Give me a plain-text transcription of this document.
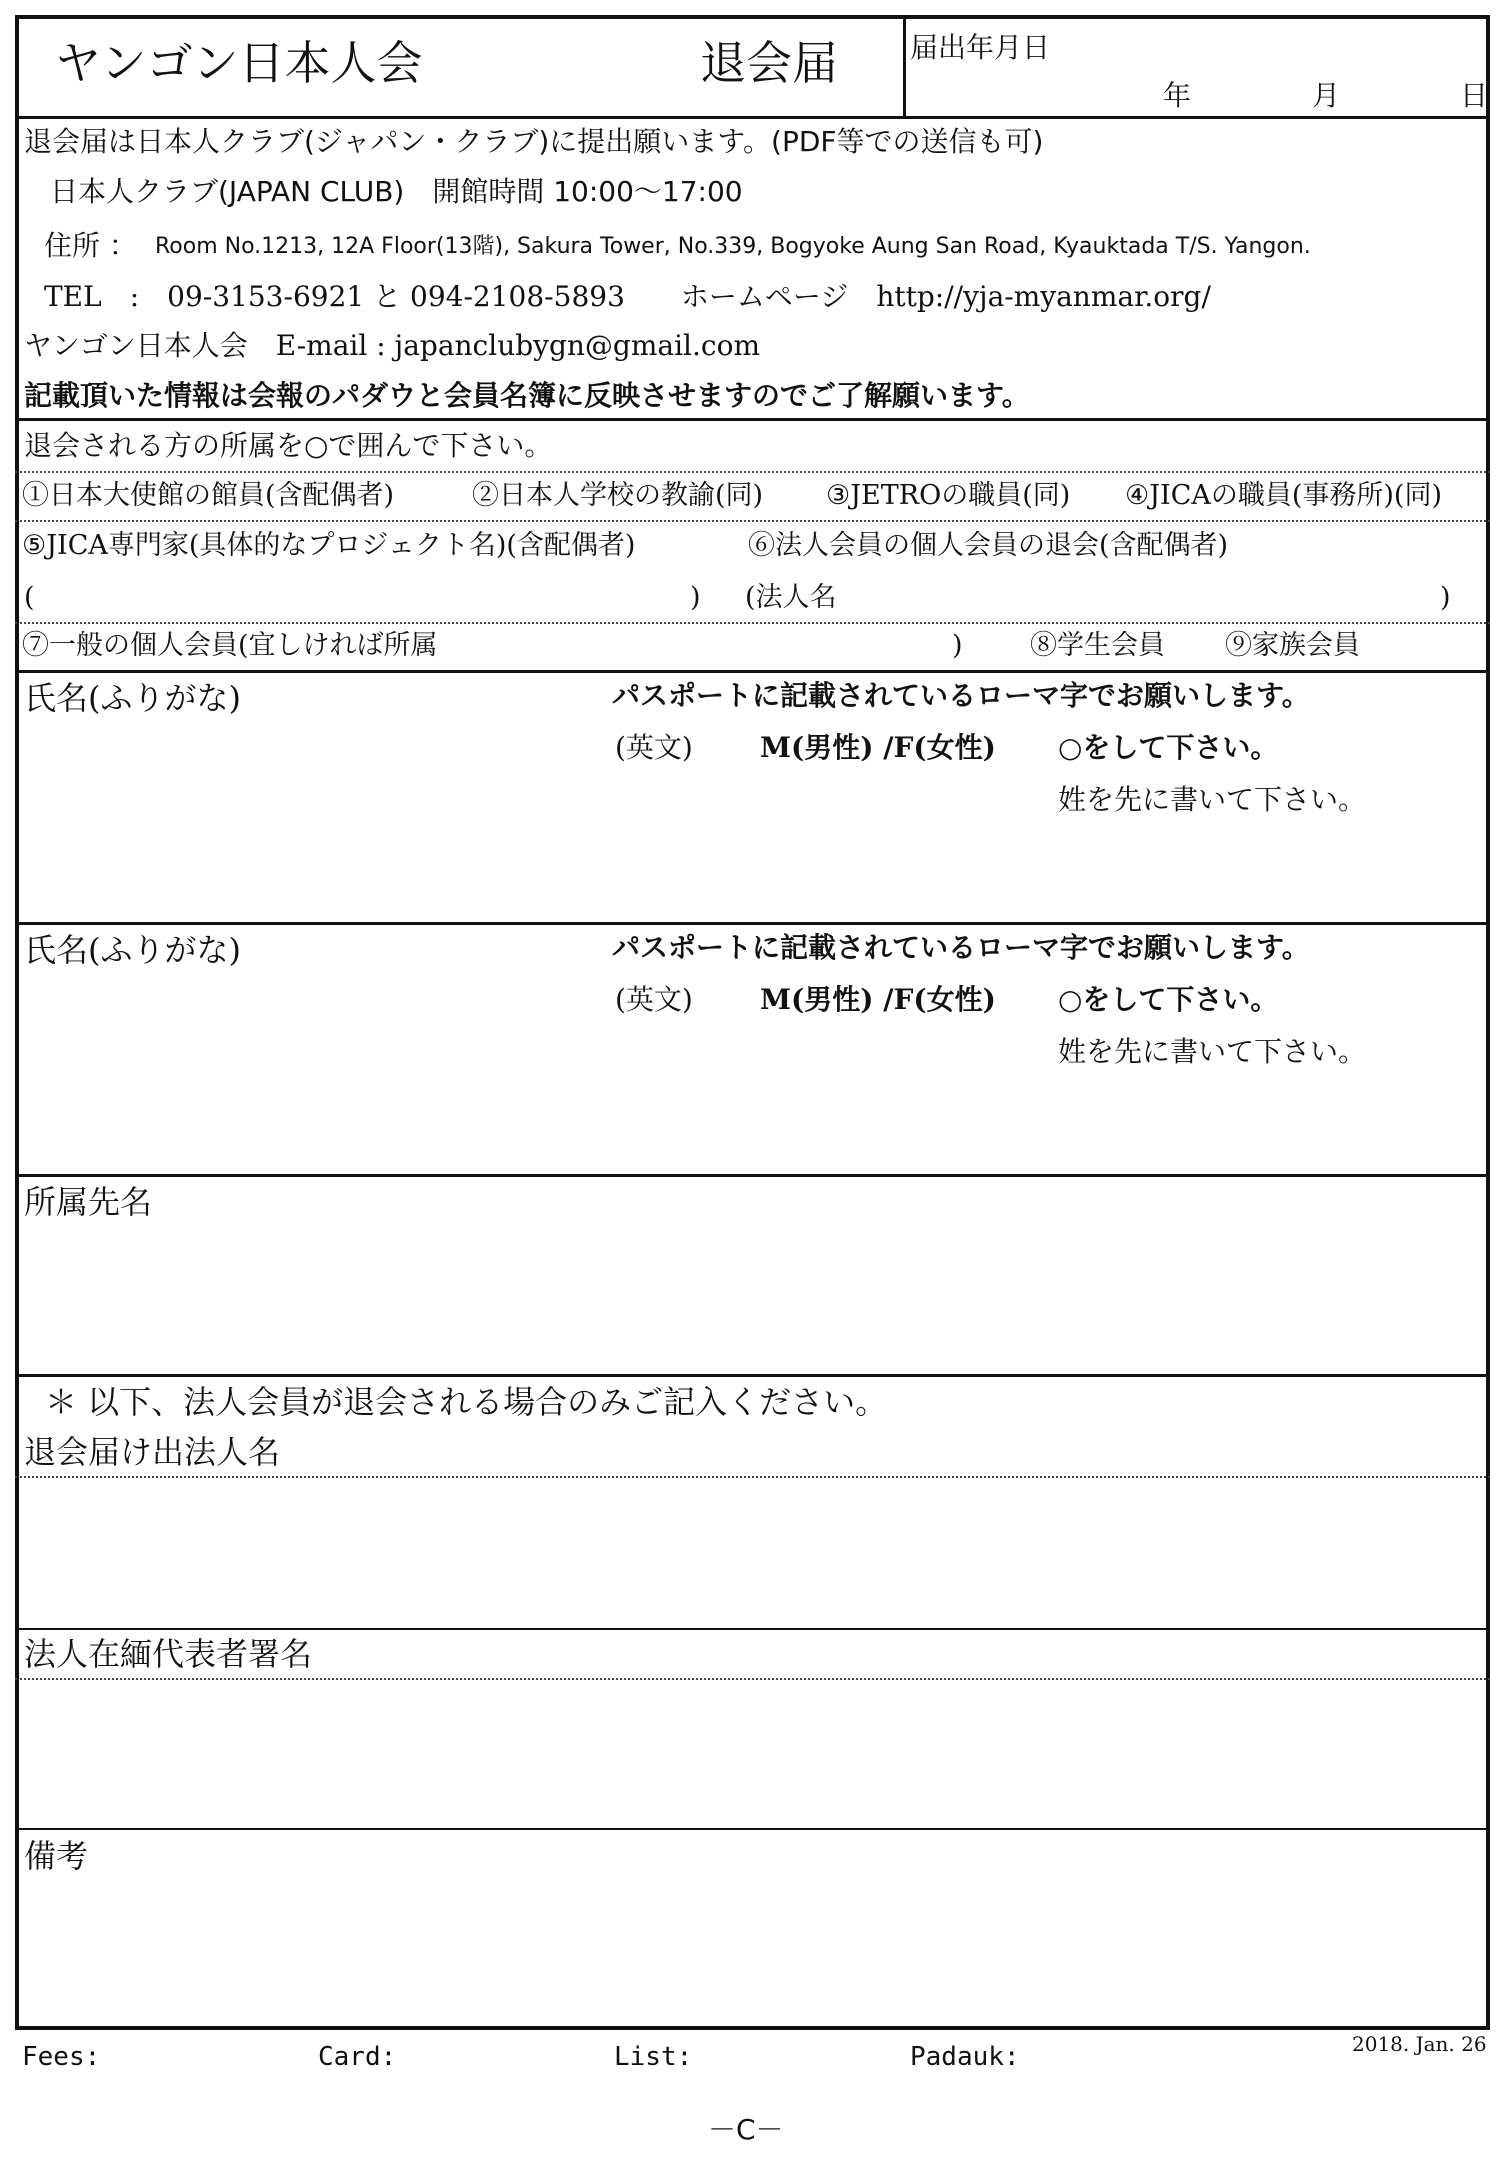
ヤンゴン日本人会	退会届	届出年月日
年	月	日
退会届は日本人クラブ(ジャパン・クラブ)に提出願います。(PDF等での送信も可)
日本人クラブ(JAPAN CLUB)　開館時間 10:00～17:00
住所 ： Room No.1213, 12A Floor(13階), Sakura Tower, No.339, Bogyoke Aung San Road, Kyauktada T/S. Yangon.
TEL　:　09-3153-6921 と 094-2108-5893　　ホームページ　http://yja-myanmar.org/
ヤンゴン日本人会　E-mail : japanclubygn@gmail.com
記載頂いた情報は会報のパダウと会員名簿に反映させますのでご了解願います。
退会される方の所属を○で囲んで下さい。
①日本大使館の館員(含配偶者)	②日本人学校の教諭(同) ③JETROの職員(同) ④JICAの職員(事務所)(同)
⑤JICA専門家(具体的なプロジェクト名)(含配偶者)	⑥法人会員の個人会員の退会(含配偶者)
(	) (法人名	)
⑦一般の個人会員(宜しければ所属	) ⑧学生会員 ⑨家族会員
氏名(ふりがな)	パスポートに記載されているローマ字でお願いします。
(英文) M(男性) /F(女性) ○をして下さい。
姓を先に書いて下さい。
氏名(ふりがな)	パスポートに記載されているローマ字でお願いします。
(英文) M(男性) /F(女性) ○をして下さい。
姓を先に書いて下さい。
所属先名
＊ 以下、法人会員が退会される場合のみご記入ください。
退会届け出法人名
法人在緬代表者署名
備考
Fees:	Card:	List:	Padauk:	2018. Jan. 26
－C－
